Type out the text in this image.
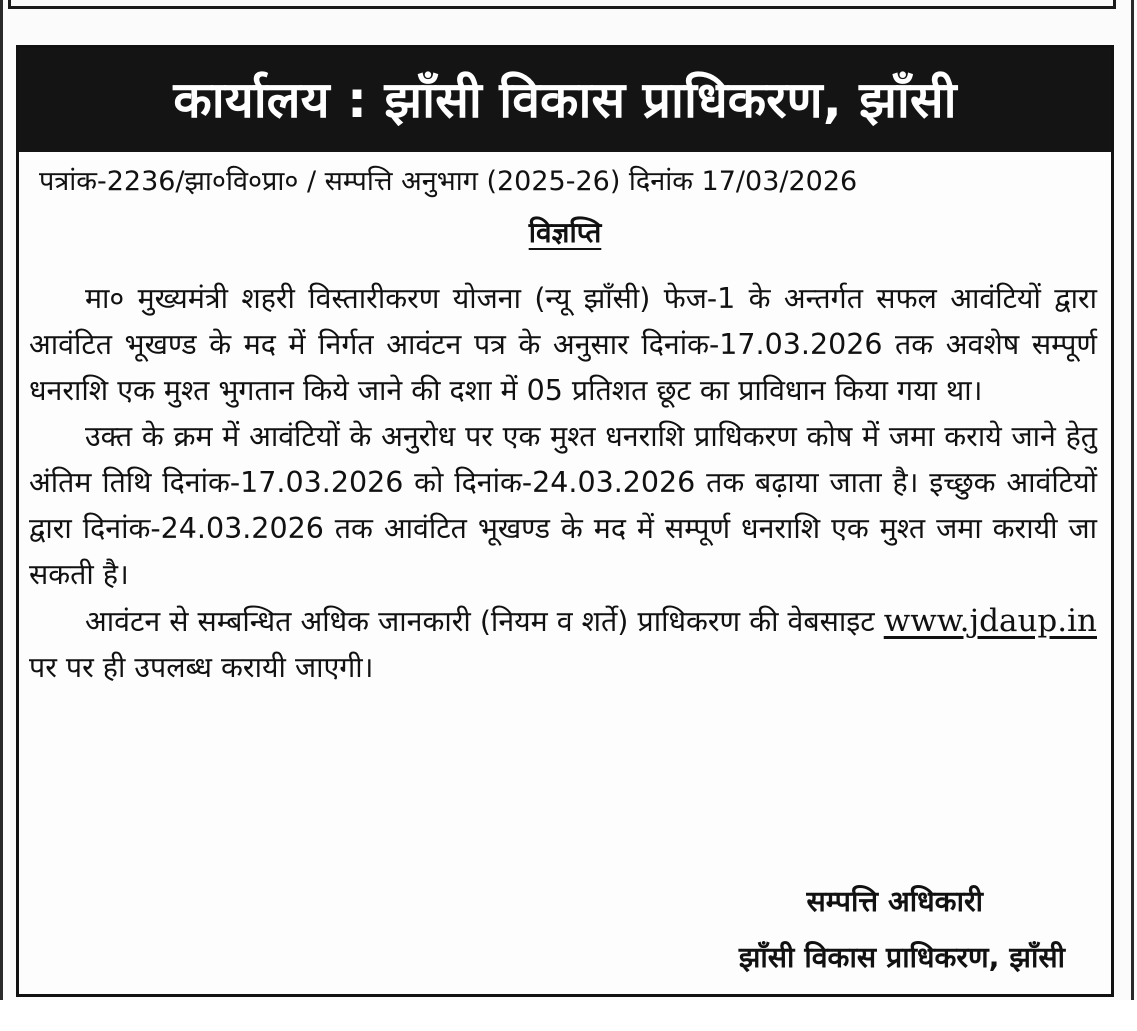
कार्यालय : झाँसी विकास प्राधिकरण, झाँसी
पत्रांक-2236/झा०वि०प्रा० / सम्पत्ति अनुभाग (2025-26) दिनांक 17/03/2026
विज्ञप्ति

मा० मुख्यमंत्री शहरी विस्तारीकरण योजना (न्यू झाँसी) फेज-1 के अन्तर्गत सफल आवंटियों द्वारा आवंटित भूखण्ड के मद में निर्गत आवंटन पत्र के अनुसार दिनांक-17.03.2026 तक अवशेष सम्पूर्ण धनराशि एक मुश्त भुगतान किये जाने की दशा में 05 प्रतिशत छूट का प्राविधान किया गया था।

उक्त के क्रम में आवंटियों के अनुरोध पर एक मुश्त धनराशि प्राधिकरण कोष में जमा कराये जाने हेतु अंतिम तिथि दिनांक-17.03.2026 को दिनांक-24.03.2026 तक बढ़ाया जाता है। इच्छुक आवंटियों द्वारा दिनांक-24.03.2026 तक आवंटित भूखण्ड के मद में सम्पूर्ण धनराशि एक मुश्त जमा करायी जा सकती है।

आवंटन से सम्बन्धित अधिक जानकारी (नियम व शर्ते) प्राधिकरण की वेबसाइट www.jdaup.in पर पर ही उपलब्ध करायी जाएगी।

सम्पत्ति अधिकारी
झाँसी विकास प्राधिकरण, झाँसी
